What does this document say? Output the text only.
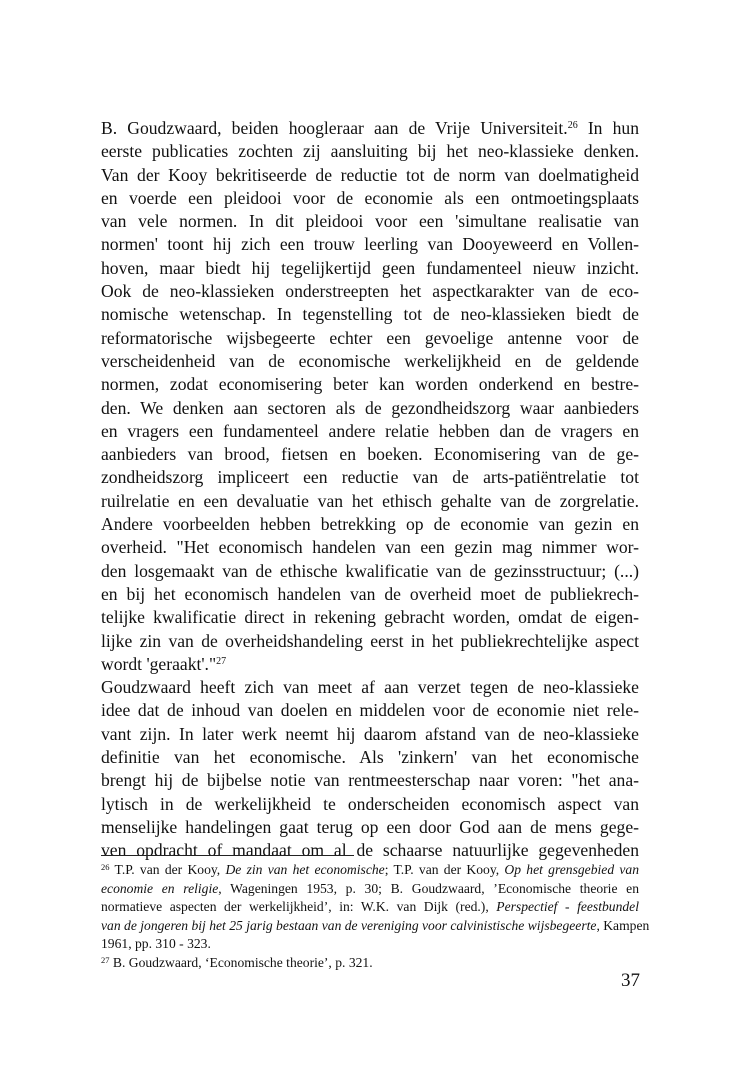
B. Goudzwaard, beiden hoogleraar aan de Vrije Universiteit.$^{26}$ In hun
eerste publicaties zochten zij aansluiting bij het neo-klassieke denken.
Van der Kooy bekritiseerde de reductie tot de norm van doelmatigheid
en voerde een pleidooi voor de economie als een ontmoetingsplaats
van vele normen. In dit pleidooi voor een 'simultane realisatie van
normen' toont hij zich een trouw leerling van Dooyeweerd en Vollen-
hoven, maar biedt hij tegelijkertijd geen fundamenteel nieuw inzicht.
Ook de neo-klassieken onderstreepten het aspectkarakter van de eco-
nomische wetenschap. In tegenstelling tot de neo-klassieken biedt de
reformatorische wijsbegeerte echter een gevoelige antenne voor de
verscheidenheid van de economische werkelijkheid en de geldende
normen, zodat economisering beter kan worden onderkend en bestre-
den. We denken aan sectoren als de gezondheidszorg waar aanbieders
en vragers een fundamenteel andere relatie hebben dan de vragers en
aanbieders van brood, fietsen en boeken. Economisering van de ge-
zondheidszorg impliceert een reductie van de arts-patiëntrelatie tot
ruilrelatie en een devaluatie van het ethisch gehalte van de zorgrelatie.
Andere voorbeelden hebben betrekking op de economie van gezin en
overheid. "Het economisch handelen van een gezin mag nimmer wor-
den losgemaakt van de ethische kwalificatie van de gezinsstructuur; (...)
en bij het economisch handelen van de overheid moet de publiekrech-
telijke kwalificatie direct in rekening gebracht worden, omdat de eigen-
lijke zin van de overheidshandeling eerst in het publiekrechtelijke aspect
wordt 'geraakt'."$^{27}$
Goudzwaard heeft zich van meet af aan verzet tegen de neo-klassieke
idee dat de inhoud van doelen en middelen voor de economie niet rele-
vant zijn. In later werk neemt hij daarom afstand van de neo-klassieke
definitie van het economische. Als 'zinkern' van het economische
brengt hij de bijbelse notie van rentmeesterschap naar voren: "het ana-
lytisch in de werkelijkheid te onderscheiden economisch aspect van
menselijke handelingen gaat terug op een door God aan de mens gege-
ven opdracht of mandaat om al de schaarse natuurlijke gegevenheden
$^{26}$ T.P. van der Kooy, De zin van het economische; T.P. van der Kooy, Op het grensgebied van
economie en religie, Wageningen 1953, p. 30; B. Goudzwaard, ’Economische theorie en
normatieve aspecten der werkelijkheid’, in: W.K. van Dijk (red.), Perspectief - feestbundel
van de jongeren bij het 25 jarig bestaan van de vereniging voor calvinistische wijsbegeerte, Kampen
1961, pp. 310 - 323.
$^{27}$ B. Goudzwaard, ‘Economische theorie’, p. 321.
37
